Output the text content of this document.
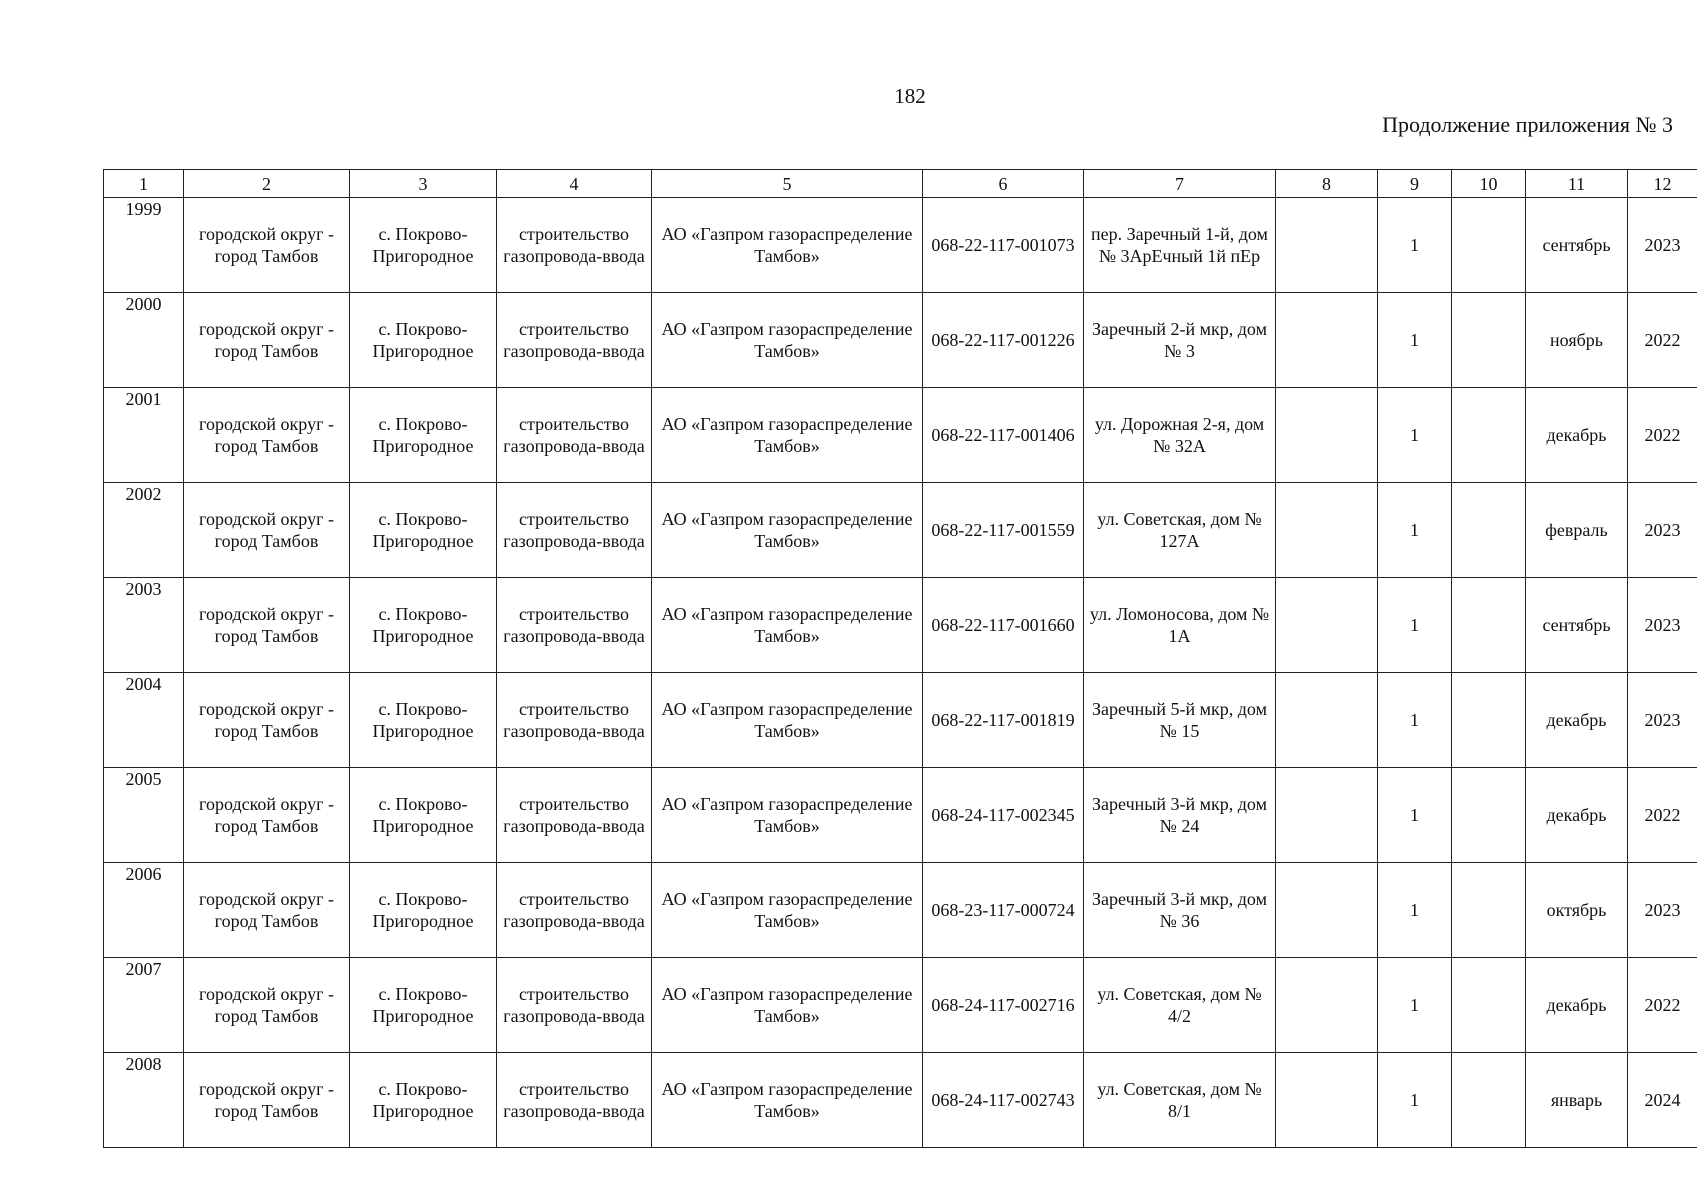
182
Продолжение приложения № 3
1	2	3	4	5	6	7	8	9	10	11	12
1999	городской округ - город Тамбов	с. Покрово-Пригородное	строительство газопровода-ввода	АО «Газпром газораспределение Тамбов»	068-22-117-001073	пер. Заречный 1-й, дом № 3АрЕчный 1й пЕр		1		сентябрь	2023
2000	городской округ - город Тамбов	с. Покрово-Пригородное	строительство газопровода-ввода	АО «Газпром газораспределение Тамбов»	068-22-117-001226	Заречный 2-й мкр, дом № 3		1		ноябрь	2022
2001	городской округ - город Тамбов	с. Покрово-Пригородное	строительство газопровода-ввода	АО «Газпром газораспределение Тамбов»	068-22-117-001406	ул. Дорожная 2-я, дом № 32А		1		декабрь	2022
2002	городской округ - город Тамбов	с. Покрово-Пригородное	строительство газопровода-ввода	АО «Газпром газораспределение Тамбов»	068-22-117-001559	ул. Советская, дом № 127А		1		февраль	2023
2003	городской округ - город Тамбов	с. Покрово-Пригородное	строительство газопровода-ввода	АО «Газпром газораспределение Тамбов»	068-22-117-001660	ул. Ломоносова, дом № 1А		1		сентябрь	2023
2004	городской округ - город Тамбов	с. Покрово-Пригородное	строительство газопровода-ввода	АО «Газпром газораспределение Тамбов»	068-22-117-001819	Заречный 5-й мкр, дом № 15		1		декабрь	2023
2005	городской округ - город Тамбов	с. Покрово-Пригородное	строительство газопровода-ввода	АО «Газпром газораспределение Тамбов»	068-24-117-002345	Заречный 3-й мкр, дом № 24		1		декабрь	2022
2006	городской округ - город Тамбов	с. Покрово-Пригородное	строительство газопровода-ввода	АО «Газпром газораспределение Тамбов»	068-23-117-000724	Заречный 3-й мкр, дом № 36		1		октябрь	2023
2007	городской округ - город Тамбов	с. Покрово-Пригородное	строительство газопровода-ввода	АО «Газпром газораспределение Тамбов»	068-24-117-002716	ул. Советская, дом № 4/2		1		декабрь	2022
2008	городской округ - город Тамбов	с. Покрово-Пригородное	строительство газопровода-ввода	АО «Газпром газораспределение Тамбов»	068-24-117-002743	ул. Советская, дом № 8/1		1		январь	2024
